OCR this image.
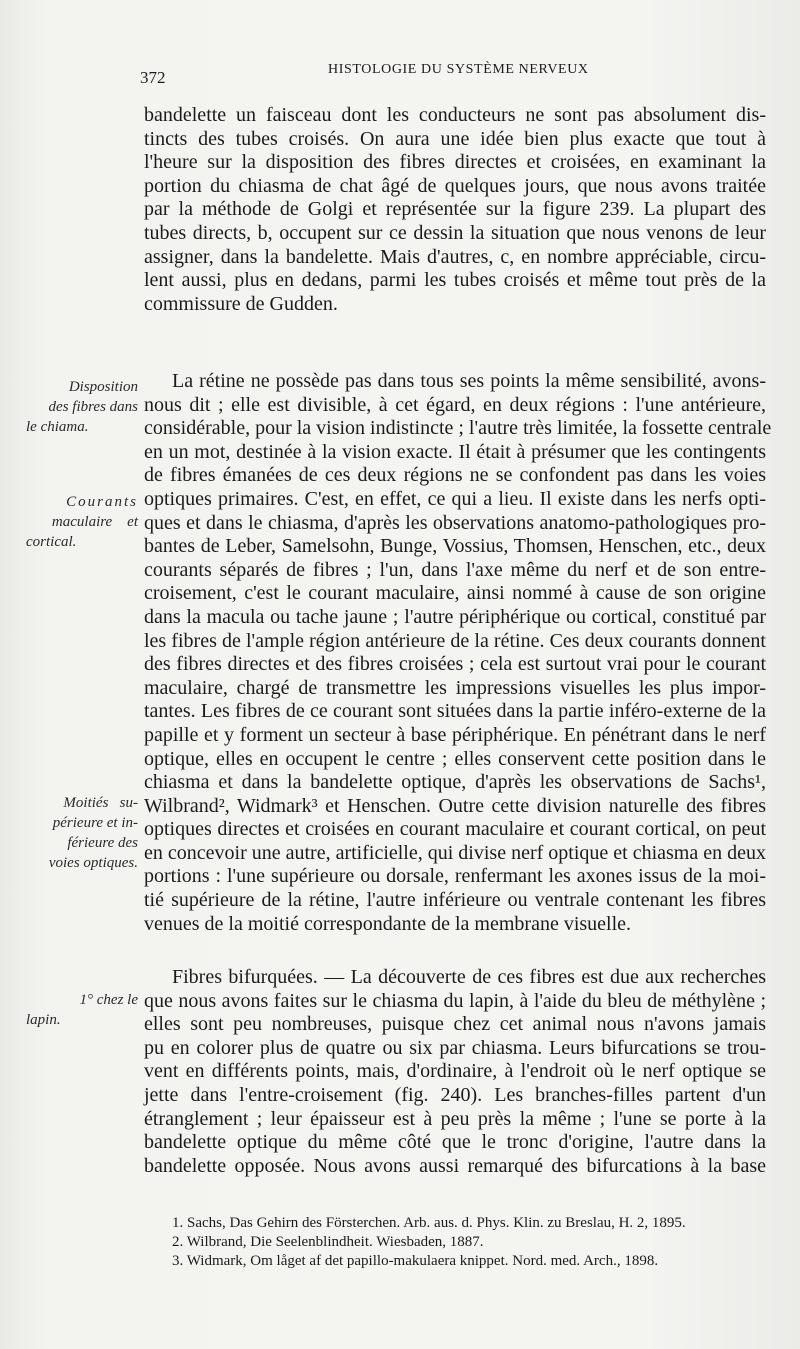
372	HISTOLOGIE DU SYSTÈME NERVEUX
bandelette un faisceau dont les conducteurs ne sont pas absolument dis-
tincts des tubes croisés. On aura une idée bien plus exacte que tout à
l'heure sur la disposition des fibres directes et croisées, en examinant la
portion du chiasma de chat âgé de quelques jours, que nous avons traitée
par la méthode de Golgi et représentée sur la figure 239. La plupart des
tubes directs, b, occupent sur ce dessin la situation que nous venons de leur
assigner, dans la bandelette. Mais d'autres, c, en nombre appréciable, circu-
lent aussi, plus en dedans, parmi les tubes croisés et même tout près de la
commissure de Gudden.
Disposition
des fibres dans
le chiama.
Courants
maculaire    et
cortical.
Moitiés   su-
périeure et in-
férieure des
voies optiques.
La rétine ne possède pas dans tous ses points la même sensibilité, avons-
nous dit ; elle est divisible, à cet égard, en deux régions : l'une antérieure,
considérable, pour la vision indistincte ; l'autre très limitée, la fossette centrale
en un mot, destinée à la vision exacte. Il était à présumer que les contingents
de fibres émanées de ces deux régions ne se confondent pas dans les voies
optiques primaires. C'est, en effet, ce qui a lieu. Il existe dans les nerfs opti-
ques et dans le chiasma, d'après les observations anatomo-pathologiques pro-
bantes de Leber, Samelsohn, Bunge, Vossius, Thomsen, Henschen, etc., deux
courants séparés de fibres ; l'un, dans l'axe même du nerf et de son entre-
croisement, c'est le courant maculaire, ainsi nommé à cause de son origine
dans la macula ou tache jaune ; l'autre périphérique ou cortical, constitué par
les fibres de l'ample région antérieure de la rétine. Ces deux courants donnent
des fibres directes et des fibres croisées ; cela est surtout vrai pour le courant
maculaire, chargé de transmettre les impressions visuelles les plus impor-
tantes. Les fibres de ce courant sont situées dans la partie inféro-externe de la
papille et y forment un secteur à base périphérique. En pénétrant dans le nerf
optique, elles en occupent le centre ; elles conservent cette position dans le
chiasma et dans la bandelette optique, d'après les observations de Sachs¹,
Wilbrand², Widmark³ et Henschen. Outre cette division naturelle des fibres
optiques directes et croisées en courant maculaire et courant cortical, on peut
en concevoir une autre, artificielle, qui divise nerf optique et chiasma en deux
portions : l'une supérieure ou dorsale, renfermant les axones issus de la moi-
tié supérieure de la rétine, l'autre inférieure ou ventrale contenant les fibres
venues de la moitié correspondante de la membrane visuelle.
1° chez le
lapin.
Fibres bifurquées. — La découverte de ces fibres est due aux recherches
que nous avons faites sur le chiasma du lapin, à l'aide du bleu de méthylène ;
elles sont peu nombreuses, puisque chez cet animal nous n'avons jamais
pu en colorer plus de quatre ou six par chiasma. Leurs bifurcations se trou-
vent en différents points, mais, d'ordinaire, à l'endroit où le nerf optique se
jette dans l'entre-croisement (fig. 240). Les branches-filles partent d'un
étranglement ; leur épaisseur est à peu près la même ; l'une se porte à la
bandelette optique du même côté que le tronc d'origine, l'autre dans la
bandelette opposée. Nous avons aussi remarqué des bifurcations à la base
1. Sachs, Das Gehirn des Försterchen. Arb. aus. d. Phys. Klin. zu Breslau, H. 2, 1895.
2. Wilbrand, Die Seelenblindheit. Wiesbaden, 1887.
3. Widmark, Om låget af det papillo-makulaera knippet. Nord. med. Arch., 1898.
